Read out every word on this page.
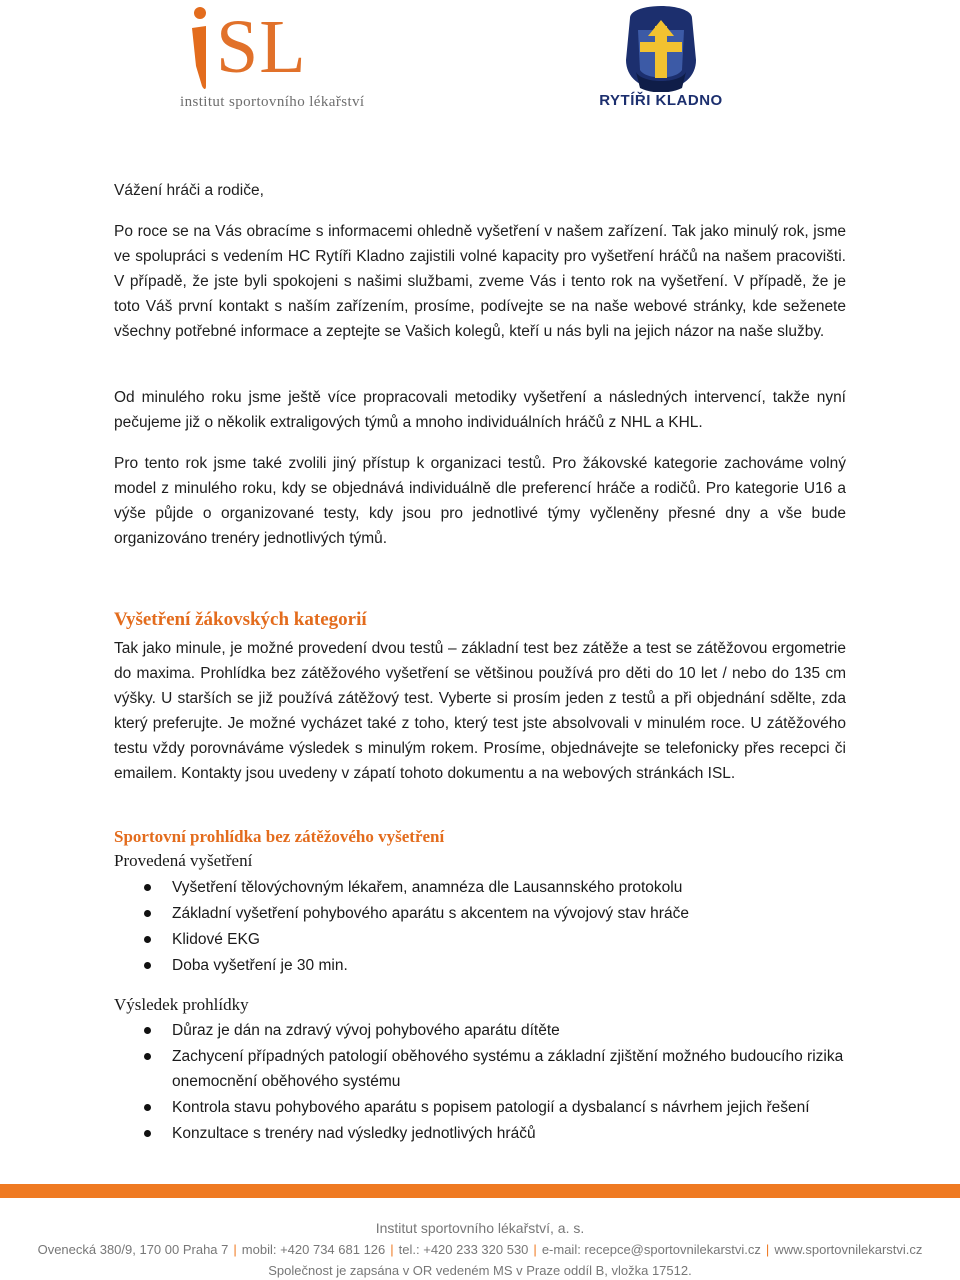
SL
institut sportovního lékařství	RYTÍŘI KLADNO
Vážení hráči a rodiče,
Po roce se na Vás obracíme s informacemi ohledně vyšetření v našem zařízení. Tak jako minulý rok, jsme ve spolupráci s vedením HC Rytíři Kladno zajistili volné kapacity pro vyšetření hráčů na našem pracovišti. V případě, že jste byli spokojeni s našimi službami, zveme Vás i tento rok na vyšetření. V případě, že je toto Váš první kontakt s naším zařízením, prosíme, podívejte se na naše webové stránky, kde seženete všechny potřebné informace a zeptejte se Vašich kolegů, kteří u nás byli na jejich názor na naše služby.
Od minulého roku jsme ještě více propracovali metodiky vyšetření a následných intervencí, takže nyní pečujeme již o několik extraligových týmů a mnoho individuálních hráčů z NHL a KHL.
Pro tento rok jsme také zvolili jiný přístup k organizaci testů. Pro žákovské kategorie zachováme volný model z minulého roku, kdy se objednává individuálně dle preferencí hráče a rodičů. Pro kategorie U16 a výše půjde o organizované testy, kdy jsou pro jednotlivé týmy vyčleněny přesné dny a vše bude organizováno trenéry jednotlivých týmů.
Vyšetření žákovských kategorií
Tak jako minule, je možné provedení dvou testů – základní test bez zátěže a test se zátěžovou ergometrie do maxima. Prohlídka bez zátěžového vyšetření se většinou používá pro děti do 10 let / nebo do 135 cm výšky. U starších se již používá zátěžový test. Vyberte si prosím jeden z testů a při objednání sdělte, zda který preferujte. Je možné vycházet také z toho, který test jste absolvovali v minulém roce. U zátěžového testu vždy porovnáváme výsledek s minulým rokem. Prosíme, objednávejte se telefonicky přes recepci či emailem. Kontakty jsou uvedeny v zápatí tohoto dokumentu a na webových stránkách ISL.
Sportovní prohlídka bez zátěžového vyšetření
Provedená vyšetření
Vyšetření tělovýchovným lékařem, anamnéza dle Lausannského protokolu
Základní vyšetření pohybového aparátu s akcentem na vývojový stav hráče
Klidové EKG
Doba vyšetření je 30 min.
Výsledek prohlídky
Důraz je dán na zdravý vývoj pohybového aparátu dítěte
Zachycení případných patologií oběhového systému a základní zjištění možného budoucího rizika onemocnění oběhového systému
Kontrola stavu pohybového aparátu s popisem patologií a dysbalancí s návrhem jejich řešení
Konzultace s trenéry nad výsledky jednotlivých hráčů
Institut sportovního lékařství, a. s.
Ovenecká 380/9, 170 00 Praha 7 | mobil: +420 734 681 126 | tel.: +420 233 320 530 | e-mail: recepce@sportovnilekarstvi.cz | www.sportovnilekarstvi.cz
Společnost je zapsána v OR vedeném MS v Praze oddíl B, vložka 17512.
